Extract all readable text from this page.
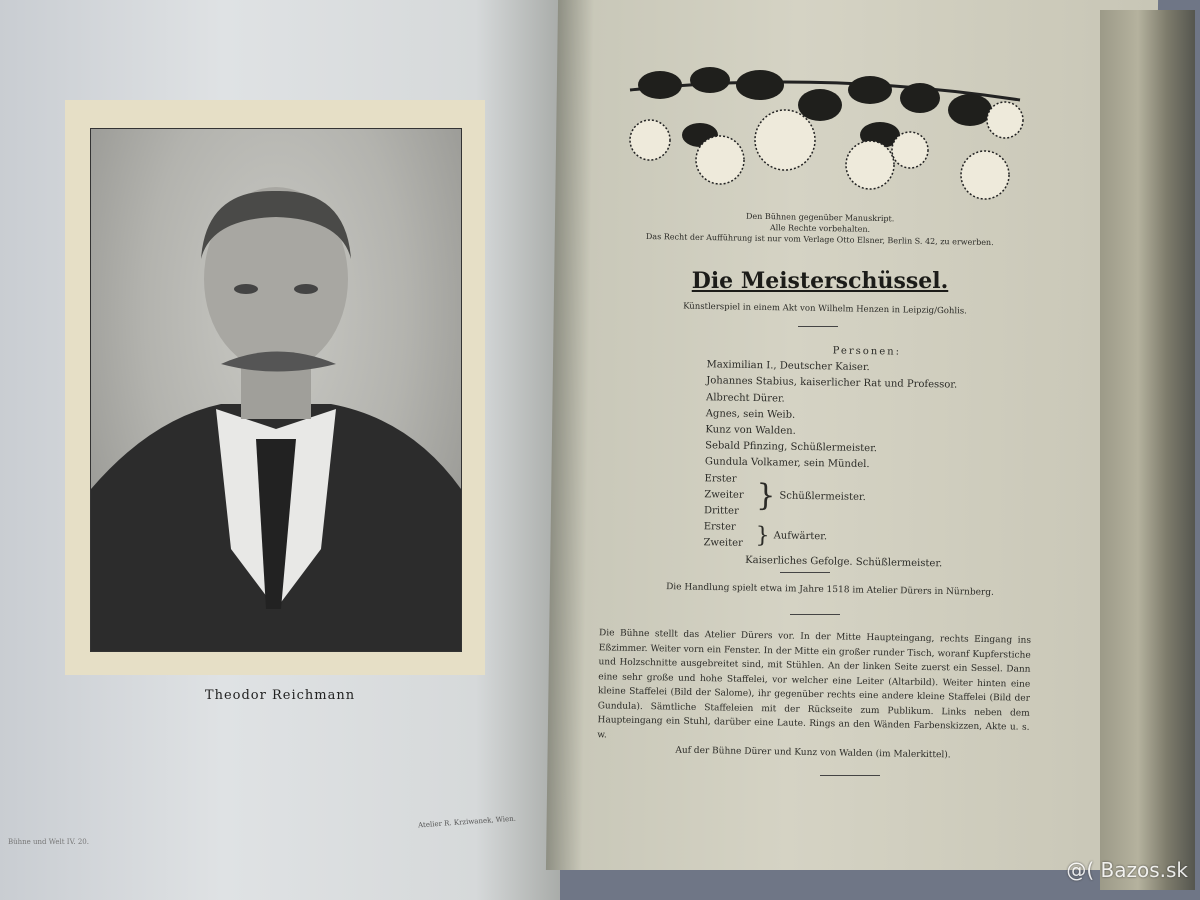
Theodor Reichmann
Bühne und Welt IV. 20.
Atelier R. Krziwanek, Wien.
Den Bühnen gegenüber Manuskript.
Alle Rechte vorbehalten.
Das Recht der Aufführung ist nur vom Verlage Otto Elsner, Berlin S. 42, zu erwerben.
Die Meisterschüssel.
Künstlerspiel in einem Akt von Wilhelm Henzen in Leipzig/Gohlis.
Personen:
Maximilian I., Deutscher Kaiser.
Johannes Stabius, kaiserlicher Rat und Professor.
Albrecht Dürer.
Agnes, sein Weib.
Kunz von Walden.
Sebald Pfinzing, Schüßlermeister.
Gundula Volkamer, sein Mündel.
Erster
Zweiter
Dritter } Schüßlermeister.
Erster
Zweiter } Aufwärter.
Kaiserliches Gefolge. Schüßlermeister.
Die Handlung spielt etwa im Jahre 1518 im Atelier Dürers in Nürnberg.
Die Bühne stellt das Atelier Dürers vor. In der Mitte Haupteingang, rechts Eingang ins Eßzimmer. Weiter vorn ein Fenster. In der Mitte ein großer runder Tisch, woranf Kupferstiche und Holzschnitte ausgebreitet sind, mit Stühlen. An der linken Seite zuerst ein Sessel. Dann eine sehr große und hohe Staffelei, vor welcher eine Leiter (Altarbild). Weiter hinten eine kleine Staffelei (Bild der Salome), ihr gegenüber rechts eine andere kleine Staffelei (Bild der Gundula). Sämtliche Staffeleien mit der Rückseite zum Publikum. Links neben dem Haupteingang ein Stuhl, darüber eine Laute. Rings an den Wänden Farbenskizzen, Akte u. s. w.
Auf der Bühne Dürer und Kunz von Walden (im Malerkittel).
@( Bazos.sk
